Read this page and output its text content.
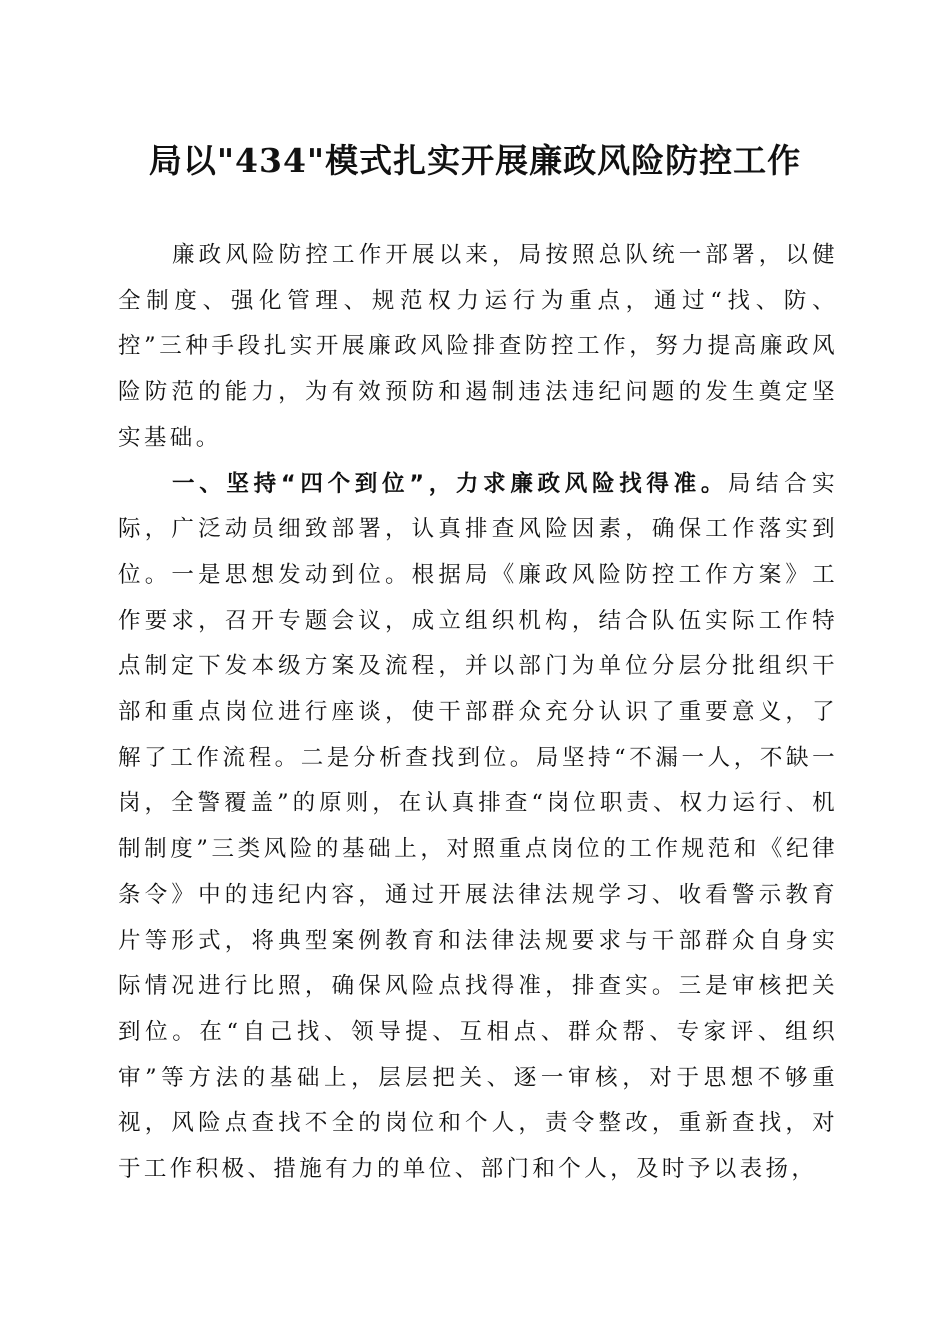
局以"434"模式扎实开展廉政风险防控工作

廉政风险防控工作开展以来，局按照总队统一部署，以健全制度、强化管理、规范权力运行为重点，通过“找、防、控”三种手段扎实开展廉政风险排查防控工作，努力提高廉政风险防范的能力，为有效预防和遏制违法违纪问题的发生奠定坚实基础。

一、坚持“四个到位”，力求廉政风险找得准。局结合实际，广泛动员细致部署，认真排查风险因素，确保工作落实到位。一是思想发动到位。根据局《廉政风险防控工作方案》工作要求，召开专题会议，成立组织机构，结合队伍实际工作特点制定下发本级方案及流程，并以部门为单位分层分批组织干部和重点岗位进行座谈，使干部群众充分认识了重要意义，了解了工作流程。二是分析查找到位。局坚持“不漏一人，不缺一岗，全警覆盖”的原则，在认真排查“岗位职责、权力运行、机制制度”三类风险的基础上，对照重点岗位的工作规范和《纪律条令》中的违纪内容，通过开展法律法规学习、收看警示教育片等形式，将典型案例教育和法律法规要求与干部群众自身实际情况进行比照，确保风险点找得准，排查实。三是审核把关到位。在“自己找、领导提、互相点、群众帮、专家评、组织审”等方法的基础上，层层把关、逐一审核，对于思想不够重视，风险点查找不全的岗位和个人，责令整改，重新查找，对于工作积极、措施有力的单位、部门和个人，及时予以表扬，
